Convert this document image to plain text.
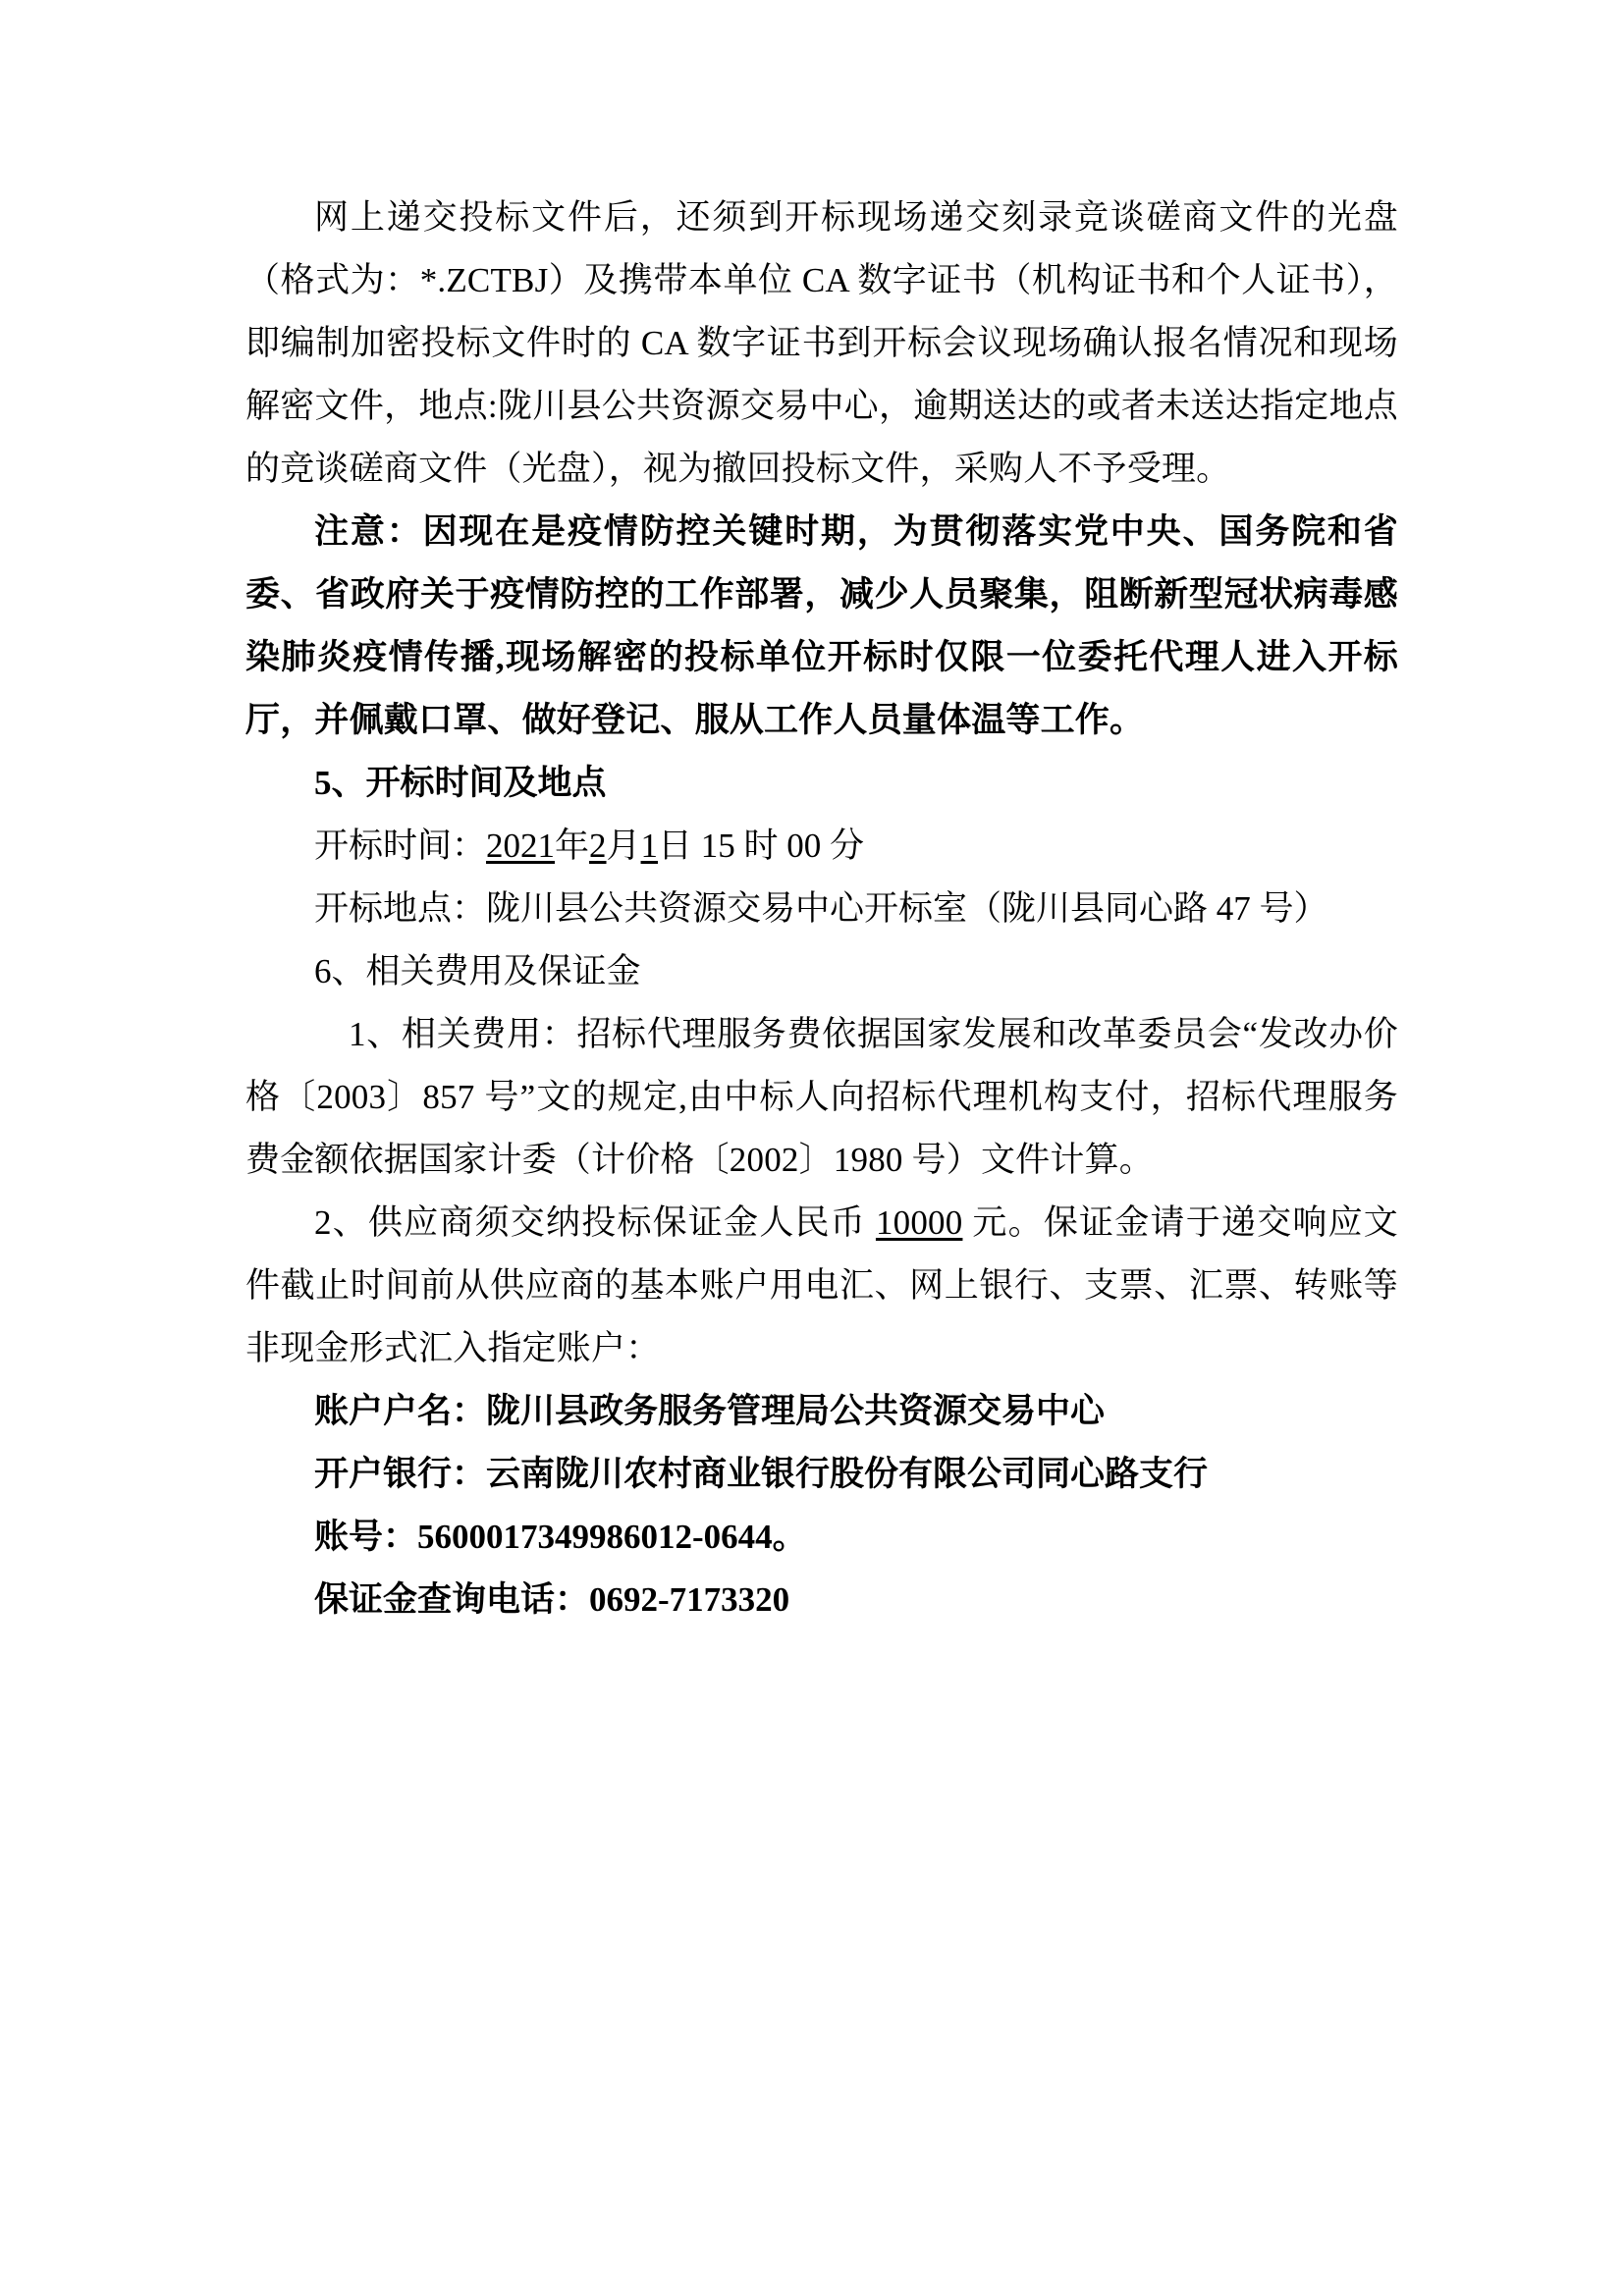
网上递交投标文件后，还须到开标现场递交刻录竞谈磋商文件的光盘（格式为：*.ZCTBJ）及携带本单位 CA 数字证书（机构证书和个人证书），即编制加密投标文件时的 CA 数字证书到开标会议现场确认报名情况和现场解密文件，地点:陇川县公共资源交易中心，逾期送达的或者未送达指定地点的竞谈磋商文件（光盘），视为撤回投标文件，采购人不予受理。

注意：因现在是疫情防控关键时期，为贯彻落实党中央、国务院和省委、省政府关于疫情防控的工作部署，减少人员聚集，阻断新型冠状病毒感染肺炎疫情传播,现场解密的投标单位开标时仅限一位委托代理人进入开标厅，并佩戴口罩、做好登记、服从工作人员量体温等工作。

5、开标时间及地点

开标时间：2021年2月1日 15 时 00 分

开标地点：陇川县公共资源交易中心开标室（陇川县同心路 47 号）

6、相关费用及保证金

1、相关费用：招标代理服务费依据国家发展和改革委员会“发改办价格〔2003〕857 号”文的规定,由中标人向招标代理机构支付，招标代理服务费金额依据国家计委（计价格〔2002〕1980 号）文件计算。

2、供应商须交纳投标保证金人民币 10000 元。保证金请于递交响应文件截止时间前从供应商的基本账户用电汇、网上银行、支票、汇票、转账等非现金形式汇入指定账户：

账户户名：陇川县政务服务管理局公共资源交易中心

开户银行：云南陇川农村商业银行股份有限公司同心路支行

账号：5600017349986012-0644。

保证金查询电话：0692-7173320
